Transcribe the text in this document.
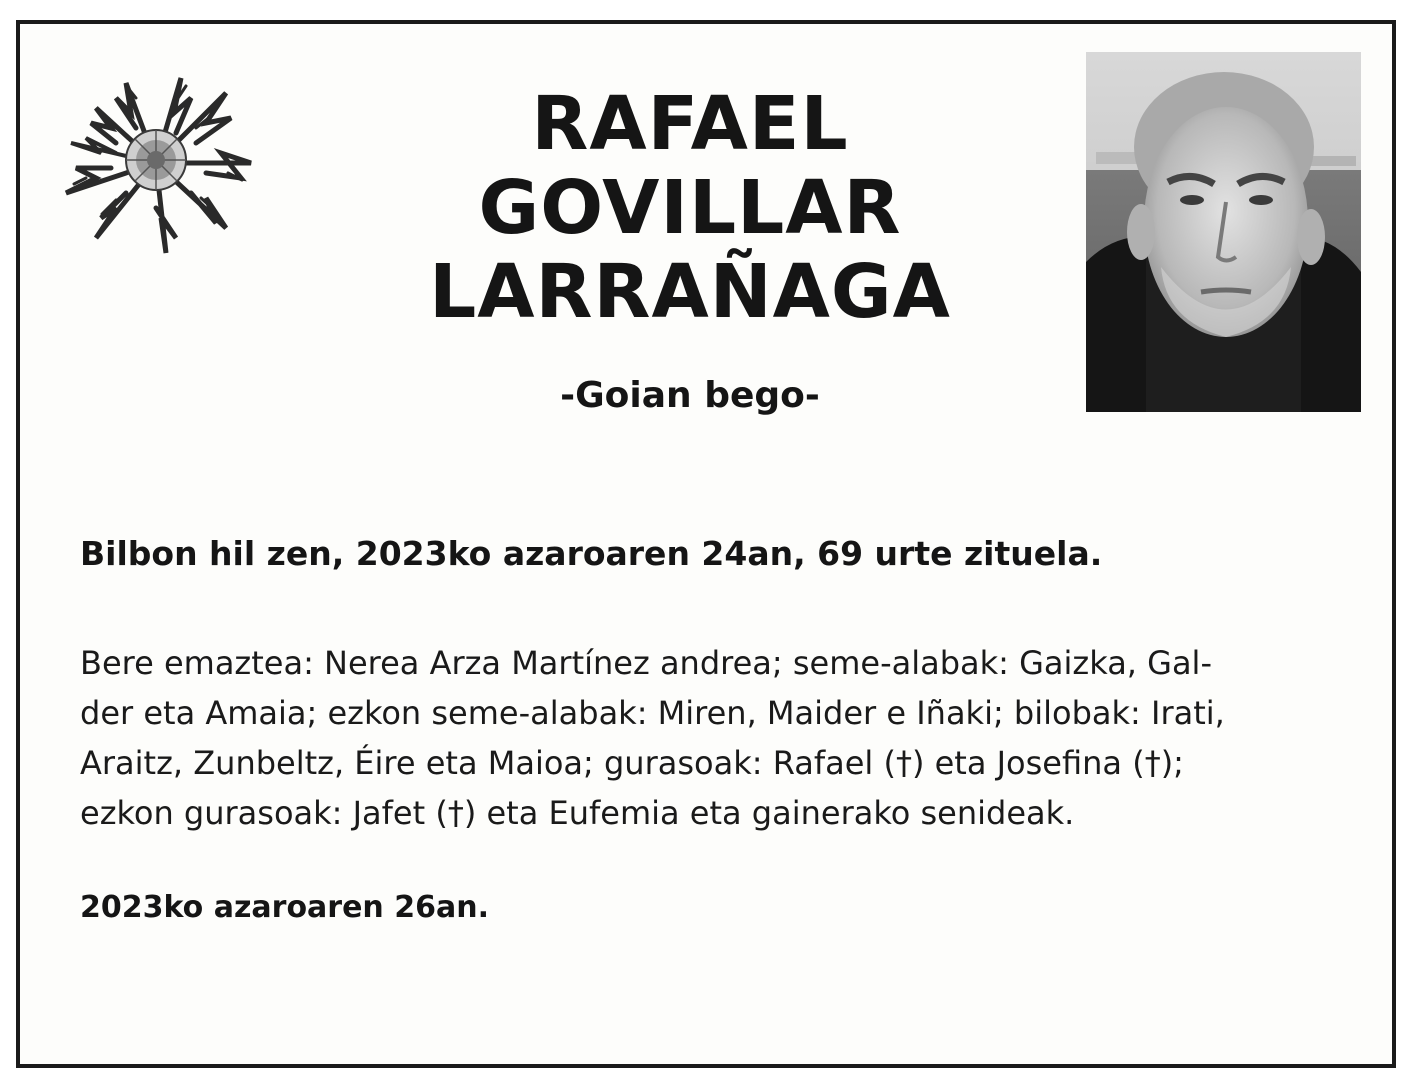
RAFAEL
GOVILLAR
LARRAÑAGA
-Goian bego-
Bilbon hil zen, 2023ko azaroaren 24an, 69 urte zituela.
Bere emaztea: Nerea Arza Martínez andrea; seme-alabak: Gaizka, Gal-
der eta Amaia; ezkon seme-alabak: Miren, Maider e Iñaki; bilobak: Irati,
Araitz, Zunbeltz, Éire eta Maioa; gurasoak: Rafael (†) eta Josefina (†);
ezkon gurasoak: Jafet (†) eta Eufemia eta gainerako senideak.
2023ko azaroaren 26an.
